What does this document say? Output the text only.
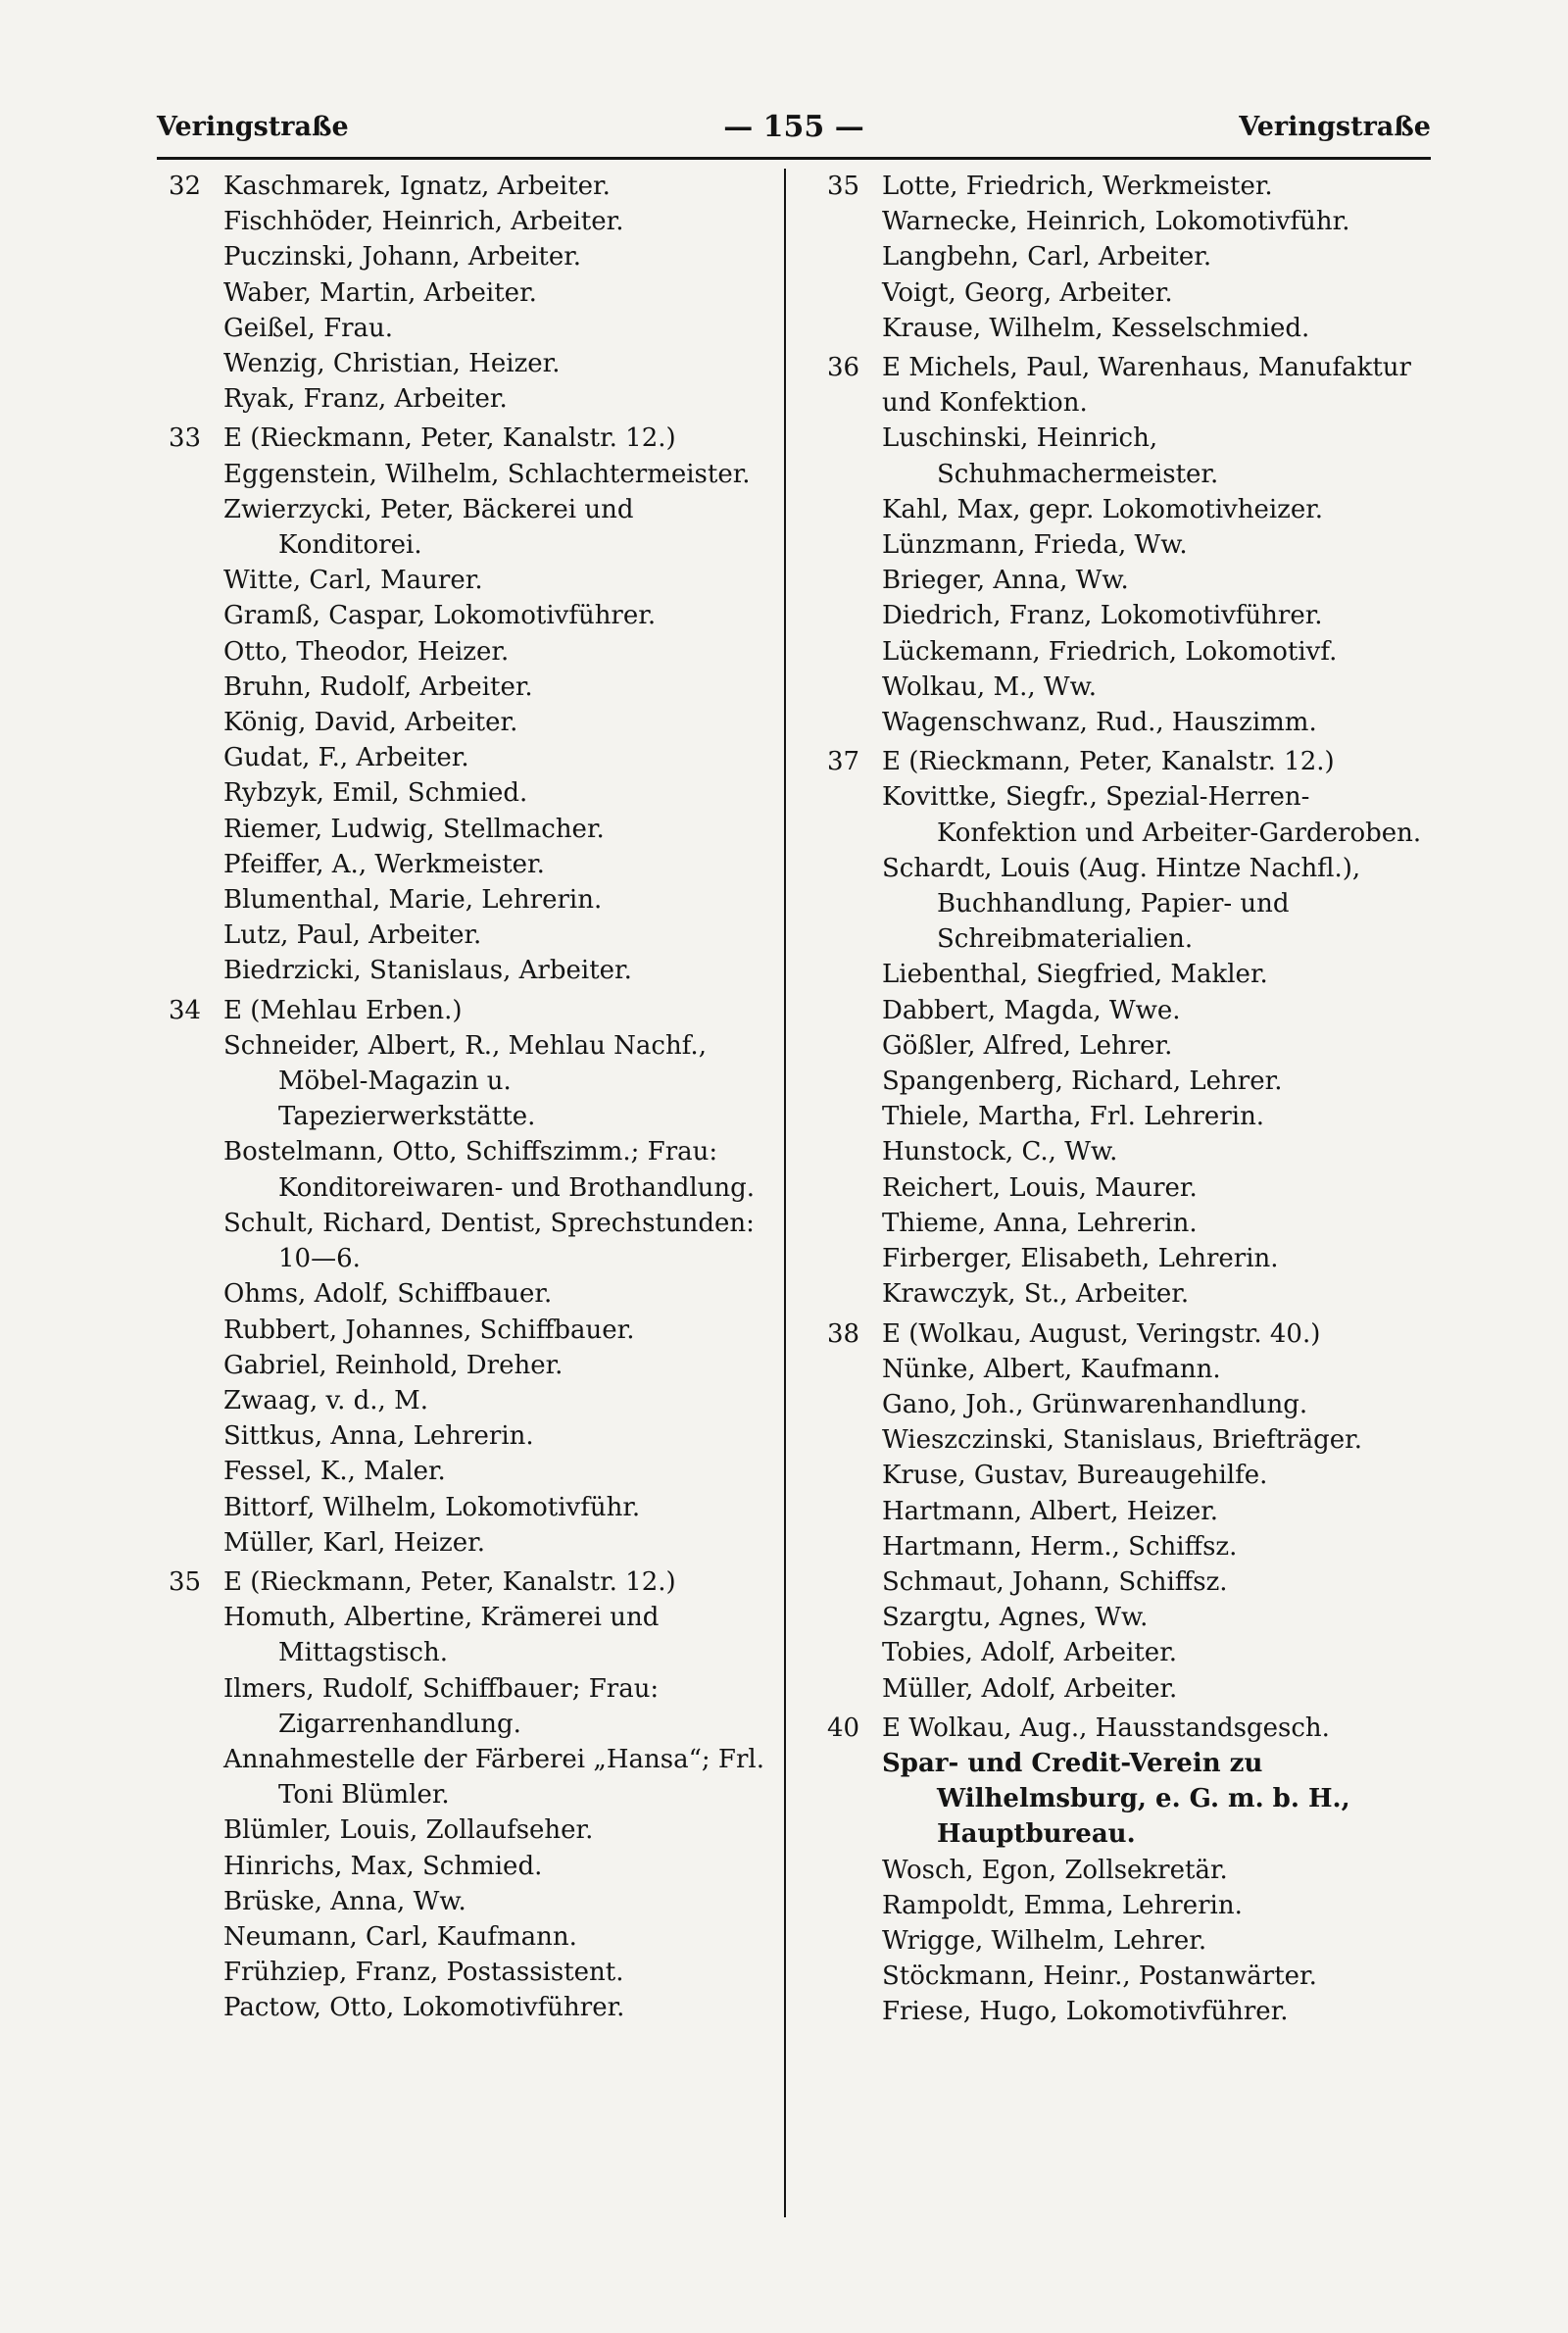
Veringstraße	— 155 —	Veringstraße
32 Kaschmarek, Ignatz, Arbeiter.
Fischhöder, Heinrich, Arbeiter.
Puczinski, Johann, Arbeiter.
Waber, Martin, Arbeiter.
Geißel, Frau.
Wenzig, Christian, Heizer.
Ryak, Franz, Arbeiter.
33 E (Rieckmann, Peter, Kanalstr. 12.)
Eggenstein, Wilhelm, Schlachtermeister.
Zwierzycki, Peter, Bäckerei und Konditorei.
Witte, Carl, Maurer.
Gramß, Caspar, Lokomotivführer.
Otto, Theodor, Heizer.
Bruhn, Rudolf, Arbeiter.
König, David, Arbeiter.
Gudat, F., Arbeiter.
Rybzyk, Emil, Schmied.
Riemer, Ludwig, Stellmacher.
Pfeiffer, A., Werkmeister.
Blumenthal, Marie, Lehrerin.
Lutz, Paul, Arbeiter.
Biedrzicki, Stanislaus, Arbeiter.
34 E (Mehlau Erben.)
Schneider, Albert, R., Mehlau Nachf., Möbel-Magazin u. Tapezierwerkstätte.
Bostelmann, Otto, Schiffszimm.; Frau: Konditoreiwaren- und Brothandlung.
Schult, Richard, Dentist, Sprechstunden: 10—6.
Ohms, Adolf, Schiffbauer.
Rubbert, Johannes, Schiffbauer.
Gabriel, Reinhold, Dreher.
Zwaag, v. d., M.
Sittkus, Anna, Lehrerin.
Fessel, K., Maler.
Bittorf, Wilhelm, Lokomotivführ.
Müller, Karl, Heizer.
35 E (Rieckmann, Peter, Kanalstr. 12.)
Homuth, Albertine, Krämerei und Mittagstisch.
Ilmers, Rudolf, Schiffbauer; Frau: Zigarrenhandlung.
Annahmestelle der Färberei „Hansa“; Frl. Toni Blümler.
Blümler, Louis, Zollaufseher.
Hinrichs, Max, Schmied.
Brüske, Anna, Ww.
Neumann, Carl, Kaufmann.
Frühziep, Franz, Postassistent.
Pactow, Otto, Lokomotivführer.
35 Lotte, Friedrich, Werkmeister.
Warnecke, Heinrich, Lokomotivführ.
Langbehn, Carl, Arbeiter.
Voigt, Georg, Arbeiter.
Krause, Wilhelm, Kesselschmied.
36 E Michels, Paul, Warenhaus, Manufaktur und Konfektion.
Luschinski, Heinrich, Schuhmachermeister.
Kahl, Max, gepr. Lokomotivheizer.
Lünzmann, Frieda, Ww.
Brieger, Anna, Ww.
Diedrich, Franz, Lokomotivführer.
Lückemann, Friedrich, Lokomotivf.
Wolkau, M., Ww.
Wagenschwanz, Rud., Hauszimm.
37 E (Rieckmann, Peter, Kanalstr. 12.)
Kovittke, Siegfr., Spezial-Herren-Konfektion und Arbeiter-Garderoben.
Schardt, Louis (Aug. Hintze Nachfl.), Buchhandlung, Papier- und Schreibmaterialien.
Liebenthal, Siegfried, Makler.
Dabbert, Magda, Wwe.
Gößler, Alfred, Lehrer.
Spangenberg, Richard, Lehrer.
Thiele, Martha, Frl. Lehrerin.
Hunstock, C., Ww.
Reichert, Louis, Maurer.
Thieme, Anna, Lehrerin.
Firberger, Elisabeth, Lehrerin.
Krawczyk, St., Arbeiter.
38 E (Wolkau, August, Veringstr. 40.)
Nünke, Albert, Kaufmann.
Gano, Joh., Grünwarenhandlung.
Wieszczinski, Stanislaus, Briefträger.
Kruse, Gustav, Bureaugehilfe.
Hartmann, Albert, Heizer.
Hartmann, Herm., Schiffsz.
Schmaut, Johann, Schiffsz.
Szargtu, Agnes, Ww.
Tobies, Adolf, Arbeiter.
Müller, Adolf, Arbeiter.
40 E Wolkau, Aug., Hausstandsgesch.
Spar- und Credit-Verein zu Wilhelmsburg, e. G. m. b. H., Hauptbureau.
Wosch, Egon, Zollsekretär.
Rampoldt, Emma, Lehrerin.
Wrigge, Wilhelm, Lehrer.
Stöckmann, Heinr., Postanwärter.
Friese, Hugo, Lokomotivführer.
